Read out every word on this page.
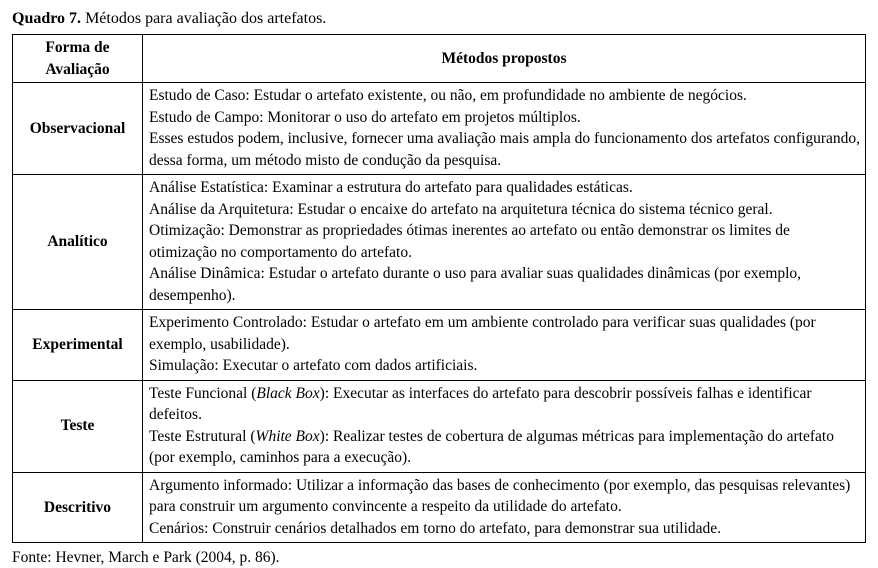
Quadro 7. Métodos para avaliação dos artefatos.
Forma de Avaliação	Métodos propostos
Observacional	Estudo de Caso: Estudar o artefato existente, ou não, em profundidade no ambiente de negócios.
Estudo de Campo: Monitorar o uso do artefato em projetos múltiplos.
Esses estudos podem, inclusive, fornecer uma avaliação mais ampla do funcionamento dos artefatos configurando, dessa forma, um método misto de condução da pesquisa.

Analítico	Análise Estatística: Examinar a estrutura do artefato para qualidades estáticas.
Análise da Arquitetura: Estudar o encaixe do artefato na arquitetura técnica do sistema técnico geral.
Otimização: Demonstrar as propriedades ótimas inerentes ao artefato ou então demonstrar os limites de otimização no comportamento do artefato.
Análise Dinâmica: Estudar o artefato durante o uso para avaliar suas qualidades dinâmicas (por exemplo, desempenho).

Experimental	Experimento Controlado: Estudar o artefato em um ambiente controlado para verificar suas qualidades (por exemplo, usabilidade).
Simulação: Executar o artefato com dados artificiais.

Teste	Teste Funcional (Black Box): Executar as interfaces do artefato para descobrir possíveis falhas e identificar defeitos.
Teste Estrutural (White Box): Realizar testes de cobertura de algumas métricas para implementação do artefato (por exemplo, caminhos para a execução).

Descritivo	Argumento informado: Utilizar a informação das bases de conhecimento (por exemplo, das pesquisas relevantes) para construir um argumento convincente a respeito da utilidade do artefato.
Cenários: Construir cenários detalhados em torno do artefato, para demonstrar sua utilidade.
Fonte: Hevner, March e Park (2004, p. 86).
